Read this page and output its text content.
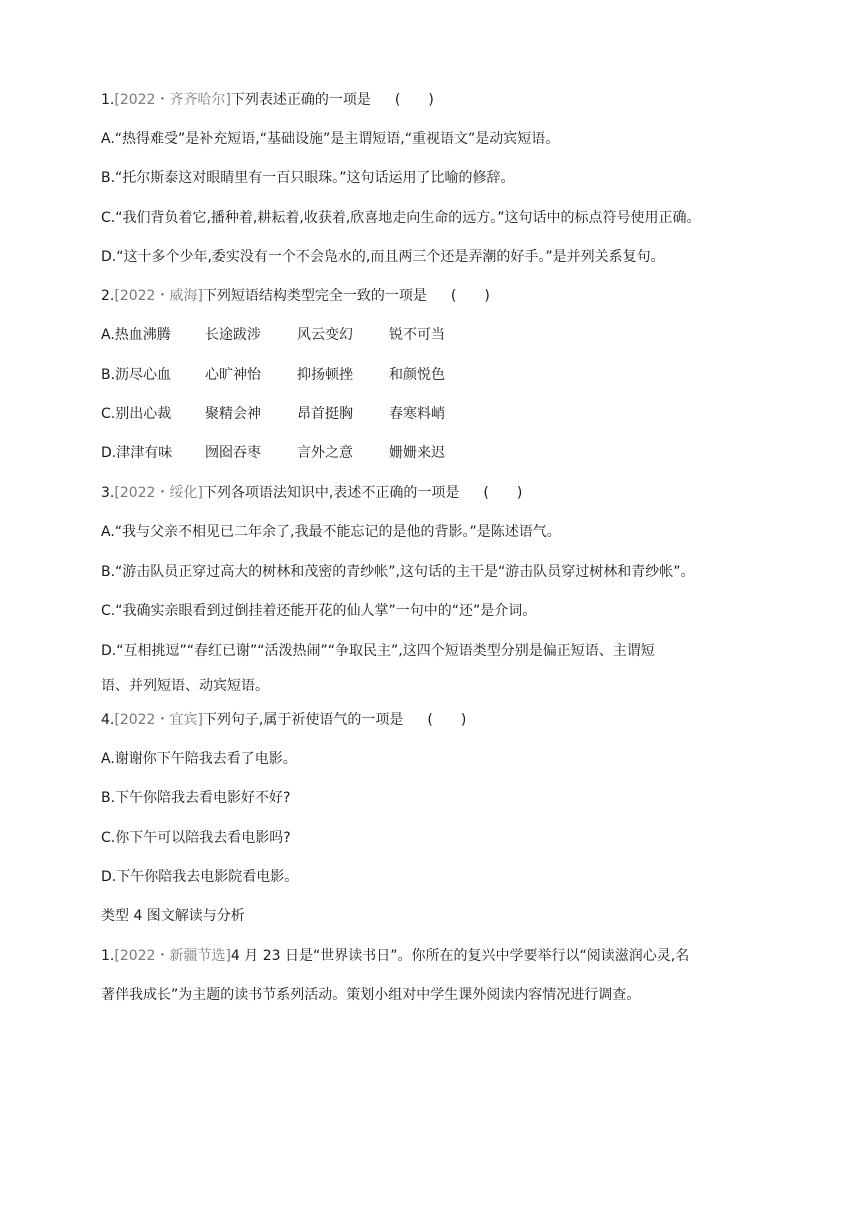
1.[2022・齐齐哈尔]下列表述正确的一项是 (　　)
A.“热得难受”是补充短语,“基础设施”是主谓短语,“重视语文”是动宾短语。
B.“托尔斯泰这对眼睛里有一百只眼珠。”这句话运用了比喻的修辞。
C.“我们背负着它,播种着,耕耘着,收获着,欣喜地走向生命的远方。”这句话中的标点符号使用正确。
D.“这十多个少年,委实没有一个不会凫水的,而且两三个还是弄潮的好手。”是并列关系复句。
2.[2022・威海]下列短语结构类型完全一致的一项是 (　　)
A.热血沸腾 长途跋涉	风云变幻	锐不可当
B.沥尽心血 心旷神怡	抑扬顿挫	和颜悦色
C.别出心裁 聚精会神	昂首挺胸	春寒料峭
D.津津有味 囫囵吞枣	言外之意	姗姗来迟
3.[2022・绥化]下列各项语法知识中,表述不正确的一项是 (　　)
A.“我与父亲不相见已二年余了,我最不能忘记的是他的背影。”是陈述语气。
B.“游击队员正穿过高大的树林和茂密的青纱帐”,这句话的主干是“游击队员穿过树林和青纱帐”。
C.“我确实亲眼看到过倒挂着还能开花的仙人掌”一句中的“还”是介词。
D.“互相挑逗”“春红已谢”“活泼热闹”“争取民主”,这四个短语类型分别是偏正短语、主谓短
语、并列短语、动宾短语。
4.[2022・宜宾]下列句子,属于祈使语气的一项是 (　　)
A.谢谢你下午陪我去看了电影。
B.下午你陪我去看电影好不好?
C.你下午可以陪我去看电影吗?
D.下午你陪我去电影院看电影。
类型 4 图文解读与分析
1.[2022・新疆节选]4 月 23 日是“世界读书日”。你所在的复兴中学要举行以“阅读滋润心灵,名
著伴我成长”为主题的读书节系列活动。策划小组对中学生课外阅读内容情况进行调查。
